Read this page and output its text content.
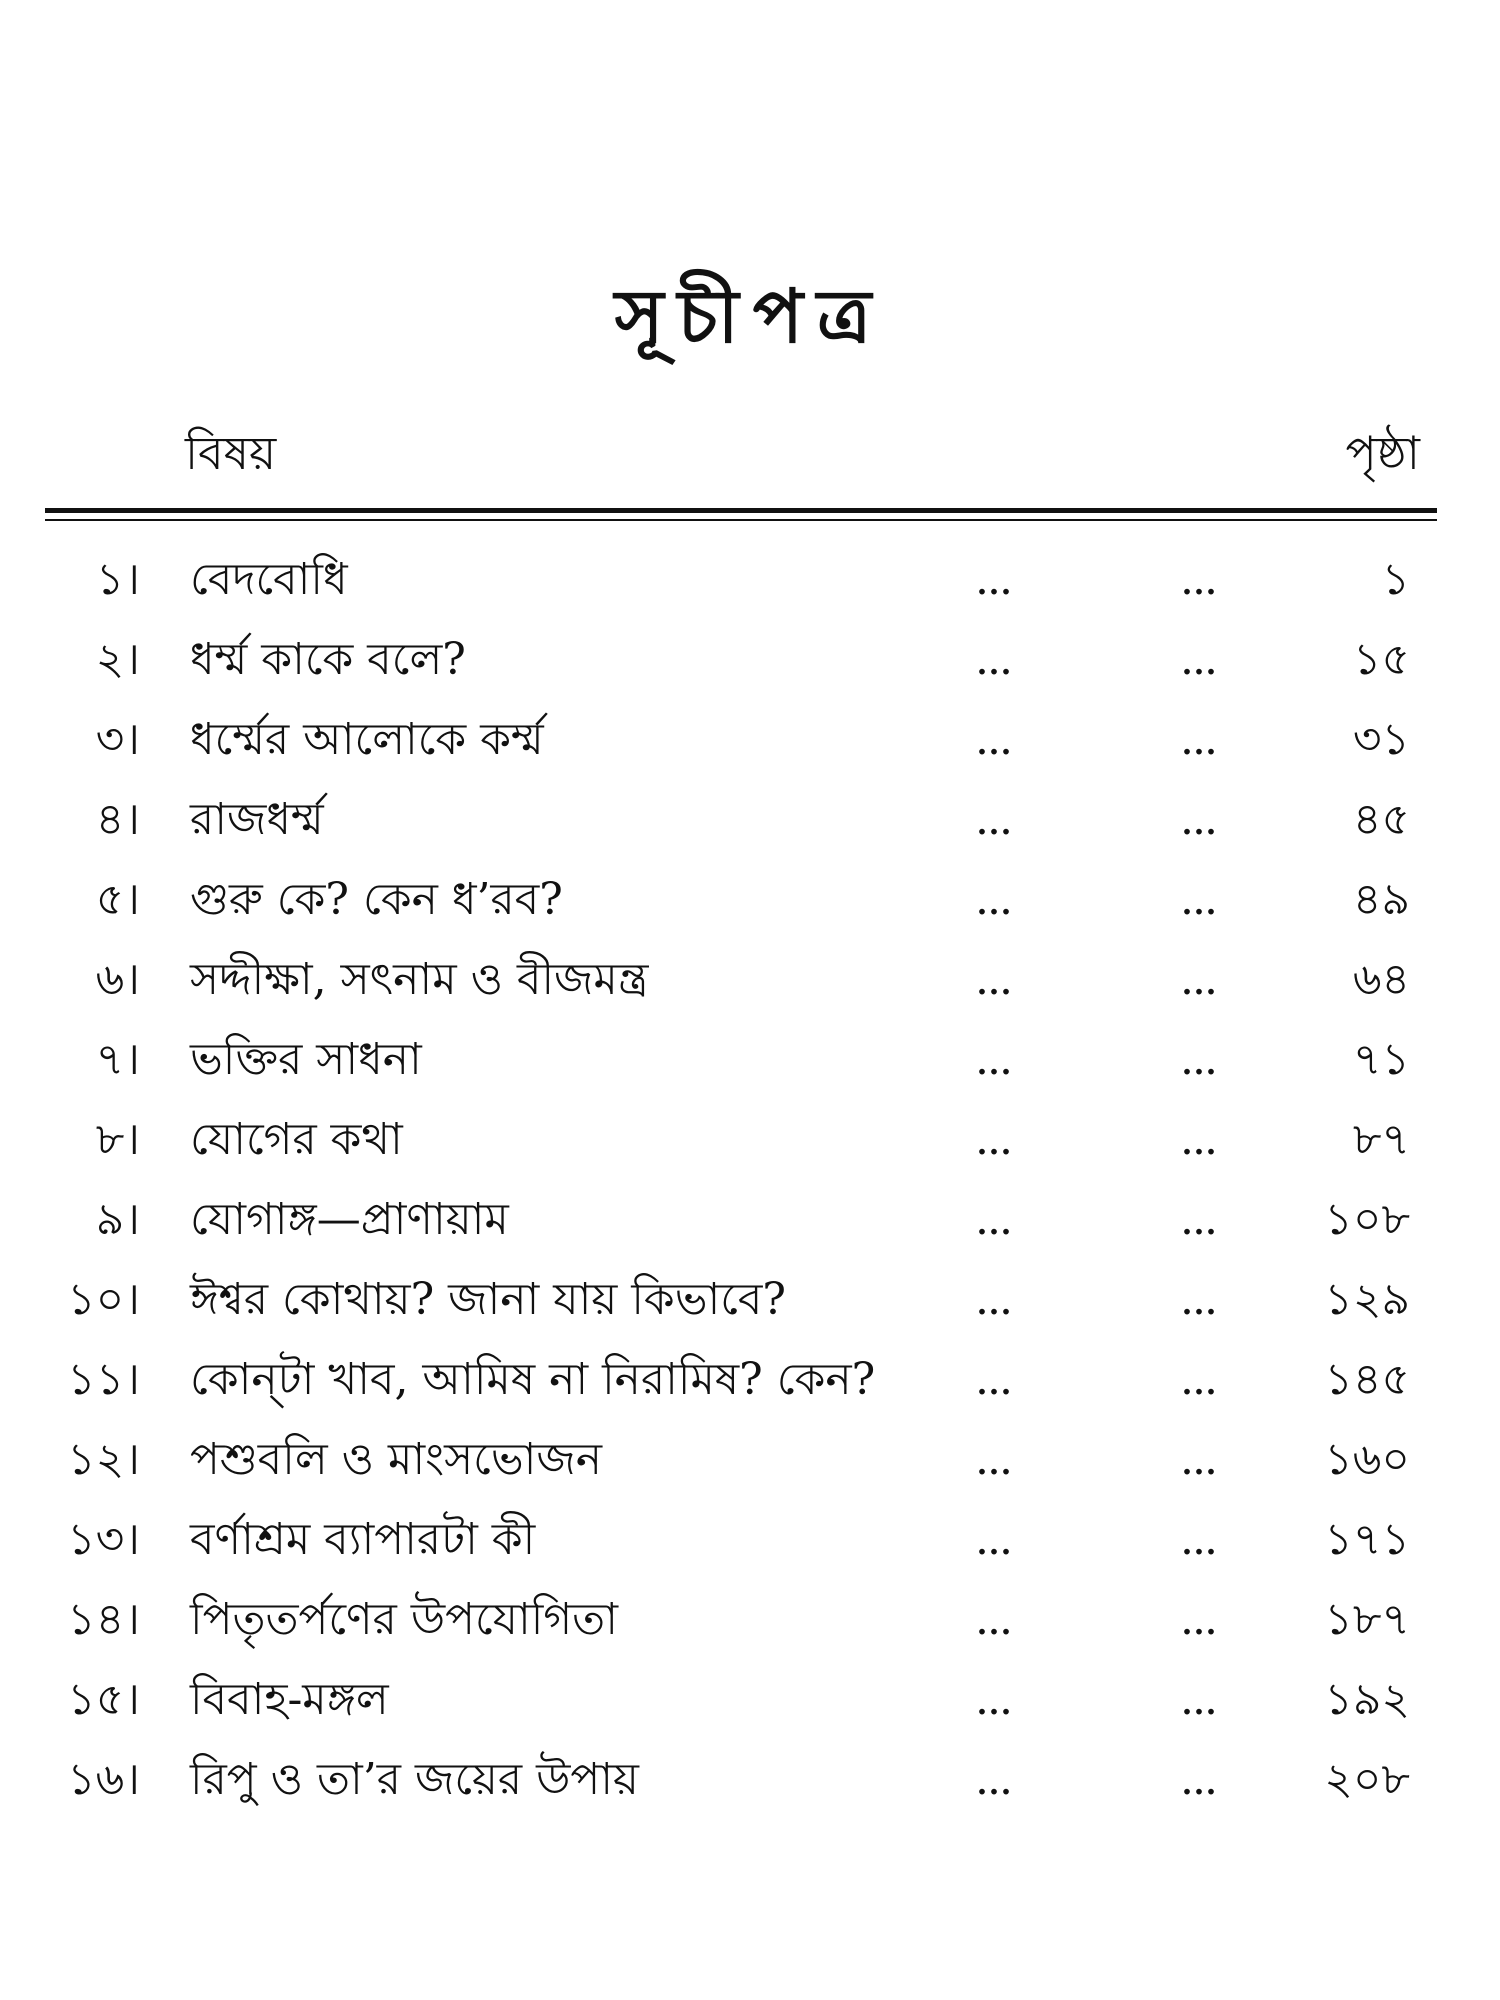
সূচীপত্র
বিষয়	পৃষ্ঠা
১। বেদবোধি	...	...	১
২। ধর্ম্ম কাকে বলে?	...	...	১৫
৩। ধর্ম্মের আলোকে কর্ম্ম	...	...	৩১
৪। রাজধর্ম্ম	...	...	৪৫
৫। গুরু কে? কেন ধ’রব?	...	...	৪৯
৬। সদ্দীক্ষা, সৎনাম ও বীজমন্ত্র	...	...	৬৪
৭। ভক্তির সাধনা	...	...	৭১
৮। যোগের কথা	...	...	৮৭
৯। যোগাঙ্গ—প্রাণায়াম	...	... ১০৮
১০। ঈশ্বর কোথায়? জানা যায় কিভাবে?	...	... ১২৯
১১। কোন্‌টা খাব, আমিষ না নিরামিষ? কেন? ...	... ১৪৫
১২। পশুবলি ও মাংসভোজন	...	... ১৬০
১৩। বর্ণাশ্রম ব্যাপারটা কী	...	... ১৭১
১৪। পিতৃতর্পণের উপযোগিতা	...	... ১৮৭
১৫। বিবাহ-মঙ্গল	...	... ১৯২
১৬। রিপু ও তা’র জয়ের উপায়	...	... ২০৮
